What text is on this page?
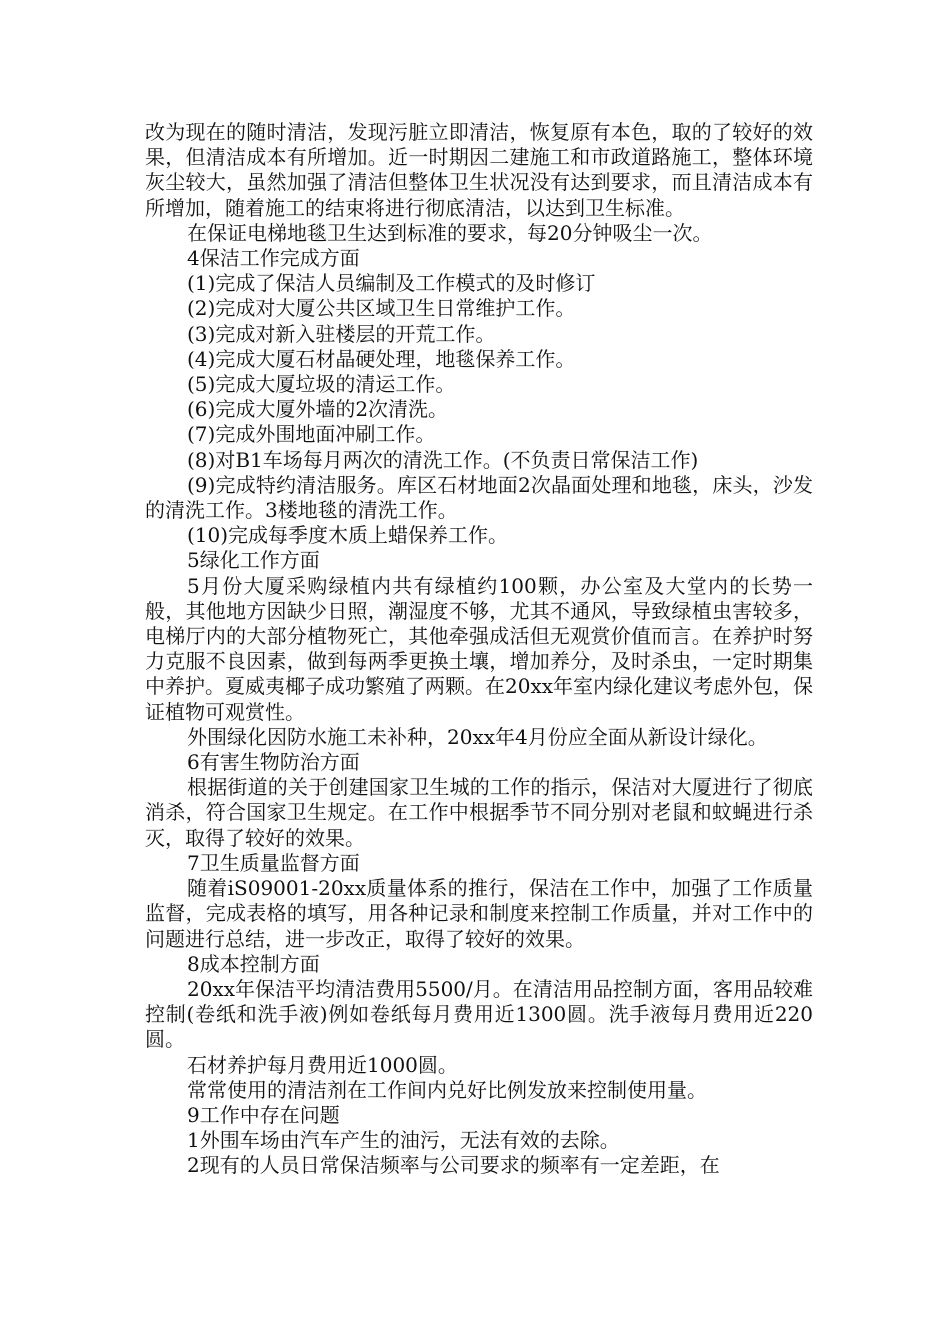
改为现在的随时清洁，发现污脏立即清洁，恢复原有本色，取的了较好的效果，但清洁成本有所增加。近一时期因二建施工和市政道路施工，整体环境灰尘较大，虽然加强了清洁但整体卫生状况没有达到要求，而且清洁成本有所增加，随着施工的结束将进行彻底清洁，以达到卫生标准。

在保证电梯地毯卫生达到标准的要求，每20分钟吸尘一次。

4保洁工作完成方面

(1)完成了保洁人员编制及工作模式的及时修订

(2)完成对大厦公共区域卫生日常维护工作。

(3)完成对新入驻楼层的开荒工作。

(4)完成大厦石材晶硬处理，地毯保养工作。

(5)完成大厦垃圾的清运工作。

(6)完成大厦外墙的2次清洗。

(7)完成外围地面冲刷工作。

(8)对B1车场每月两次的清洗工作。(不负责日常保洁工作)

(9)完成特约清洁服务。库区石材地面2次晶面处理和地毯，床头，沙发的清洗工作。3楼地毯的清洗工作。

(10)完成每季度木质上蜡保养工作。

5绿化工作方面

5月份大厦采购绿植内共有绿植约100颗，办公室及大堂内的长势一般，其他地方因缺少日照，潮湿度不够，尤其不通风，导致绿植虫害较多，电梯厅内的大部分植物死亡，其他牵强成活但无观赏价值而言。在养护时努力克服不良因素，做到每两季更换土壤，增加养分，及时杀虫，一定时期集中养护。夏威夷椰子成功繁殖了两颗。在20xx年室内绿化建议考虑外包，保证植物可观赏性。

外围绿化因防水施工未补种，20xx年4月份应全面从新设计绿化。

6有害生物防治方面

根据街道的关于创建国家卫生城的工作的指示，保洁对大厦进行了彻底消杀，符合国家卫生规定。在工作中根据季节不同分别对老鼠和蚊蝇进行杀灭，取得了较好的效果。

7卫生质量监督方面

随着iS09001-20xx质量体系的推行，保洁在工作中，加强了工作质量监督，完成表格的填写，用各种记录和制度来控制工作质量，并对工作中的问题进行总结，进一步改正，取得了较好的效果。

8成本控制方面

20xx年保洁平均清洁费用5500/月。在清洁用品控制方面，客用品较难控制(卷纸和洗手液)例如卷纸每月费用近1300圆。洗手液每月费用近220圆。

石材养护每月费用近1000圆。

常常使用的清洁剂在工作间内兑好比例发放来控制使用量。

9工作中存在问题

1外围车场由汽车产生的油污，无法有效的去除。

2现有的人员日常保洁频率与公司要求的频率有一定差距，在
